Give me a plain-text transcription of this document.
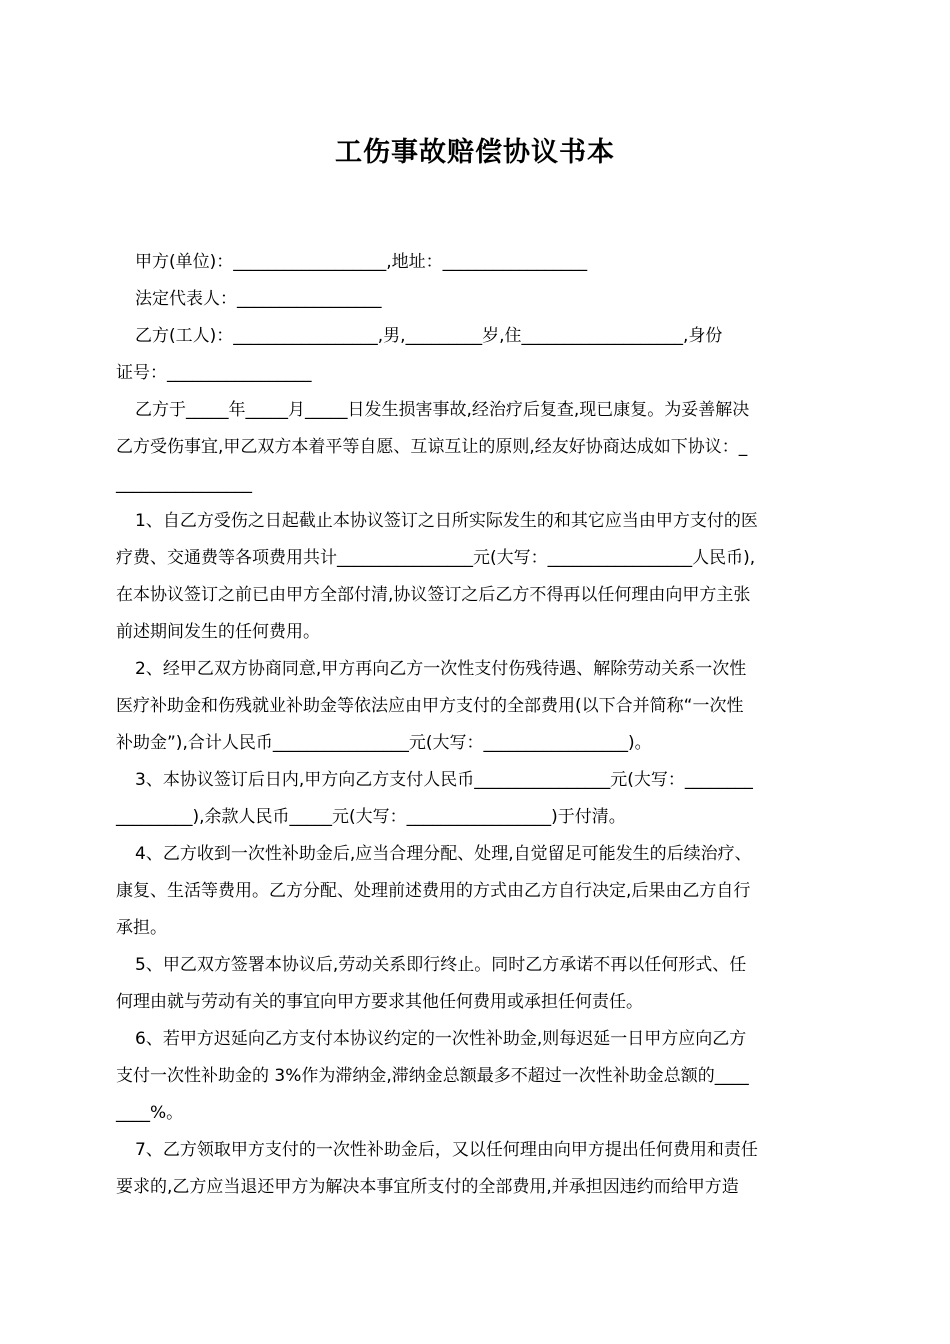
工伤事故赔偿协议书本

甲方(单位)：__________________,地址：_________________

法定代表人：_________________

乙方(工人)：_________________,男,_________岁,住___________________,身份

证号：_________________

乙方于_____年_____月_____日发生损害事故,经治疗后复查,现已康复。为妥善解决

乙方受伤事宜,甲乙双方本着平等自愿、互谅互让的原则,经友好协商达成如下协议：_

________________

1、自乙方受伤之日起截止本协议签订之日所实际发生的和其它应当由甲方支付的医

疗费、交通费等各项费用共计________________元(大写：_________________人民币),

在本协议签订之前已由甲方全部付清,协议签订之后乙方不得再以任何理由向甲方主张

前述期间发生的任何费用。

2、经甲乙双方协商同意,甲方再向乙方一次性支付伤残待遇、解除劳动关系一次性

医疗补助金和伤残就业补助金等依法应由甲方支付的全部费用(以下合并简称“一次性

补助金”),合计人民币________________元(大写：_________________)。

3、本协议签订后日内,甲方向乙方支付人民币________________元(大写：________

_________),余款人民币_____元(大写：_________________)于付清。

4、乙方收到一次性补助金后,应当合理分配、处理,自觉留足可能发生的后续治疗、

康复、生活等费用。乙方分配、处理前述费用的方式由乙方自行决定,后果由乙方自行

承担。

5、甲乙双方签署本协议后,劳动关系即行终止。同时乙方承诺不再以任何形式、任

何理由就与劳动有关的事宜向甲方要求其他任何费用或承担任何责任。

6、若甲方迟延向乙方支付本协议约定的一次性补助金,则每迟延一日甲方应向乙方

支付一次性补助金的 3%作为滞纳金,滞纳金总额最多不超过一次性补助金总额的____

____%。

7、乙方领取甲方支付的一次性补助金后，又以任何理由向甲方提出任何费用和责任

要求的,乙方应当退还甲方为解决本事宜所支付的全部费用,并承担因违约而给甲方造
